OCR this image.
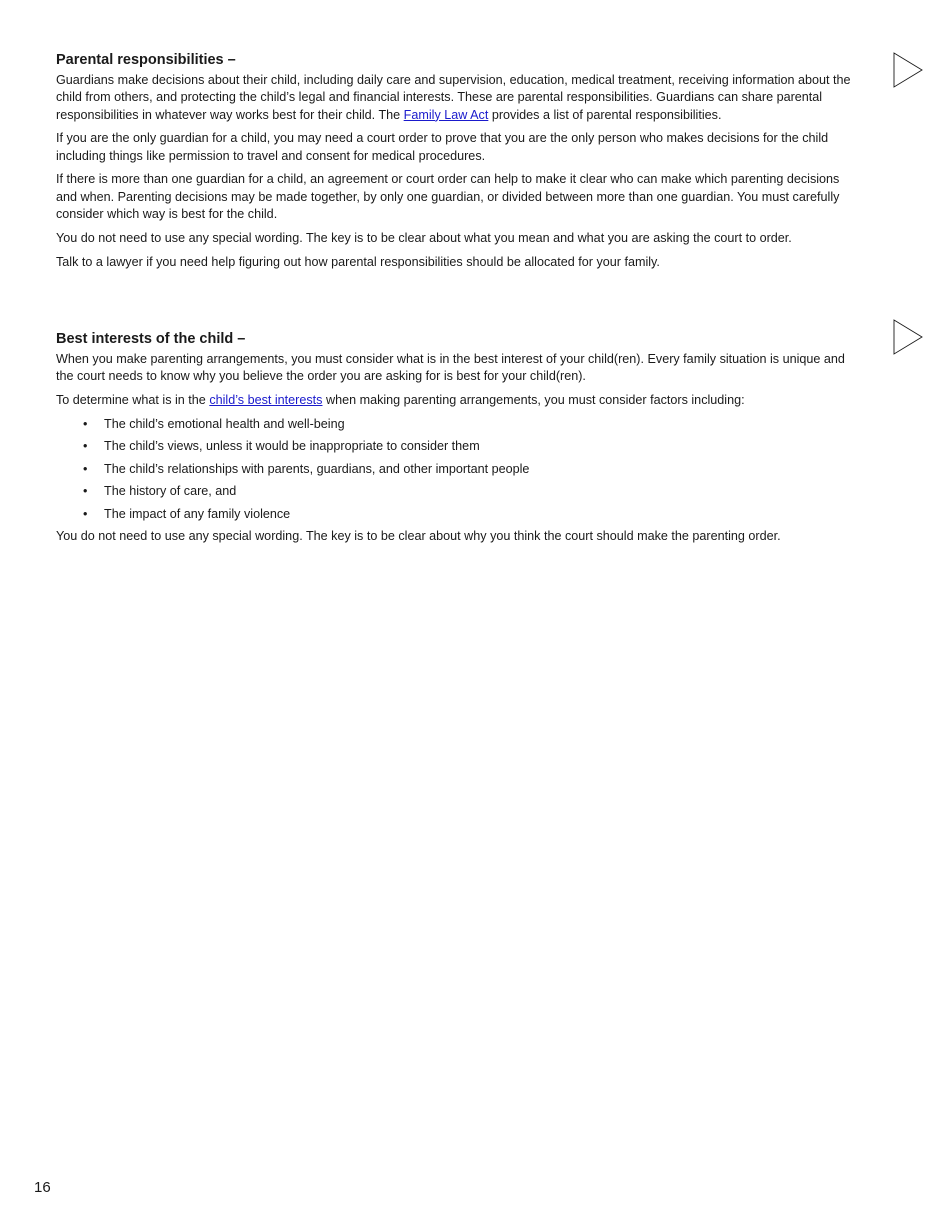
Parental responsibilities –

Guardians make decisions about their child, including daily care and supervision, education, medical treatment, receiving information about the child from others, and protecting the child’s legal and financial interests. These are parental responsibilities. Guardians can share parental responsibilities in whatever way works best for their child. The Family Law Act provides a list of parental responsibilities.

If you are the only guardian for a child, you may need a court order to prove that you are the only person who makes decisions for the child including things like permission to travel and consent for medical procedures.

If there is more than one guardian for a child, an agreement or court order can help to make it clear who can make which parenting decisions and when. Parenting decisions may be made together, by only one guardian, or divided between more than one guardian. You must carefully consider which way is best for the child.

You do not need to use any special wording. The key is to be clear about what you mean and what you are asking the court to order.

Talk to a lawyer if you need help figuring out how parental responsibilities should be allocated for your family.

Best interests of the child –

When you make parenting arrangements, you must consider what is in the best interest of your child(ren). Every family situation is unique and the court needs to know why you believe the order you are asking for is best for your child(ren).

To determine what is in the child’s best interests when making parenting arrangements, you must consider factors including:

• The child’s emotional health and well-being
• The child’s views, unless it would be inappropriate to consider them
• The child’s relationships with parents, guardians, and other important people
• The history of care, and
• The impact of any family violence

You do not need to use any special wording. The key is to be clear about why you think the court should make the parenting order.

16
